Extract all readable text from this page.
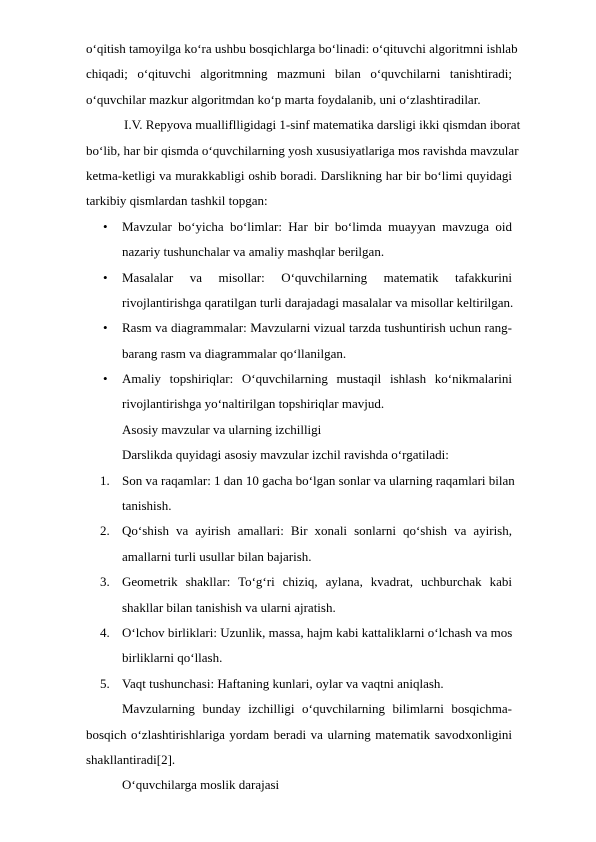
o‘qitish tamoyilga ko‘ra ushbu bosqichlarga bo‘linadi: o‘qituvchi algoritmni ishlab
chiqadi; o‘qituvchi algoritmning mazmuni bilan o‘quvchilarni tanishtiradi;
o‘quvchilar mazkur algoritmdan ko‘p marta foydalanib, uni o‘zlashtiradilar.
I.V. Repyova mualliflligidagi 1-sinf matematika darsligi ikki qismdan iborat
bo‘lib, har bir qismda o‘quvchilarning yosh xususiyatlariga mos ravishda mavzular
ketma-ketligi va murakkabligi oshib boradi. Darslikning har bir bo‘limi quyidagi
tarkibiy qismlardan tashkil topgan:
• Mavzular bo‘yicha bo‘limlar: Har bir bo‘limda muayyan mavzuga oid
nazariy tushunchalar va amaliy mashqlar berilgan.
• Masalalar va misollar: O‘quvchilarning matematik tafakkurini
rivojlantirishga qaratilgan turli darajadagi masalalar va misollar keltirilgan.
• Rasm va diagrammalar: Mavzularni vizual tarzda tushuntirish uchun rang-
barang rasm va diagrammalar qo‘llanilgan.
• Amaliy topshiriqlar: O‘quvchilarning mustaqil ishlash ko‘nikmalarini
rivojlantirishga yo‘naltirilgan topshiriqlar mavjud.
Asosiy mavzular va ularning izchilligi
Darslikda quyidagi asosiy mavzular izchil ravishda o‘rgatiladi:
1. Son va raqamlar: 1 dan 10 gacha bo‘lgan sonlar va ularning raqamlari bilan
tanishish.
2. Qo‘shish va ayirish amallari: Bir xonali sonlarni qo‘shish va ayirish,
amallarni turli usullar bilan bajarish.
3. Geometrik shakllar: To‘g‘ri chiziq, aylana, kvadrat, uchburchak kabi
shakllar bilan tanishish va ularni ajratish.
4. O‘lchov birliklari: Uzunlik, massa, hajm kabi kattaliklarni o‘lchash va mos
birliklarni qo‘llash.
5. Vaqt tushunchasi: Haftaning kunlari, oylar va vaqtni aniqlash.
Mavzularning bunday izchilligi o‘quvchilarning bilimlarni bosqichma-
bosqich o‘zlashtirishlariga yordam beradi va ularning matematik savodxonligini
shakllantiradi[2].
O‘quvchilarga moslik darajasi
